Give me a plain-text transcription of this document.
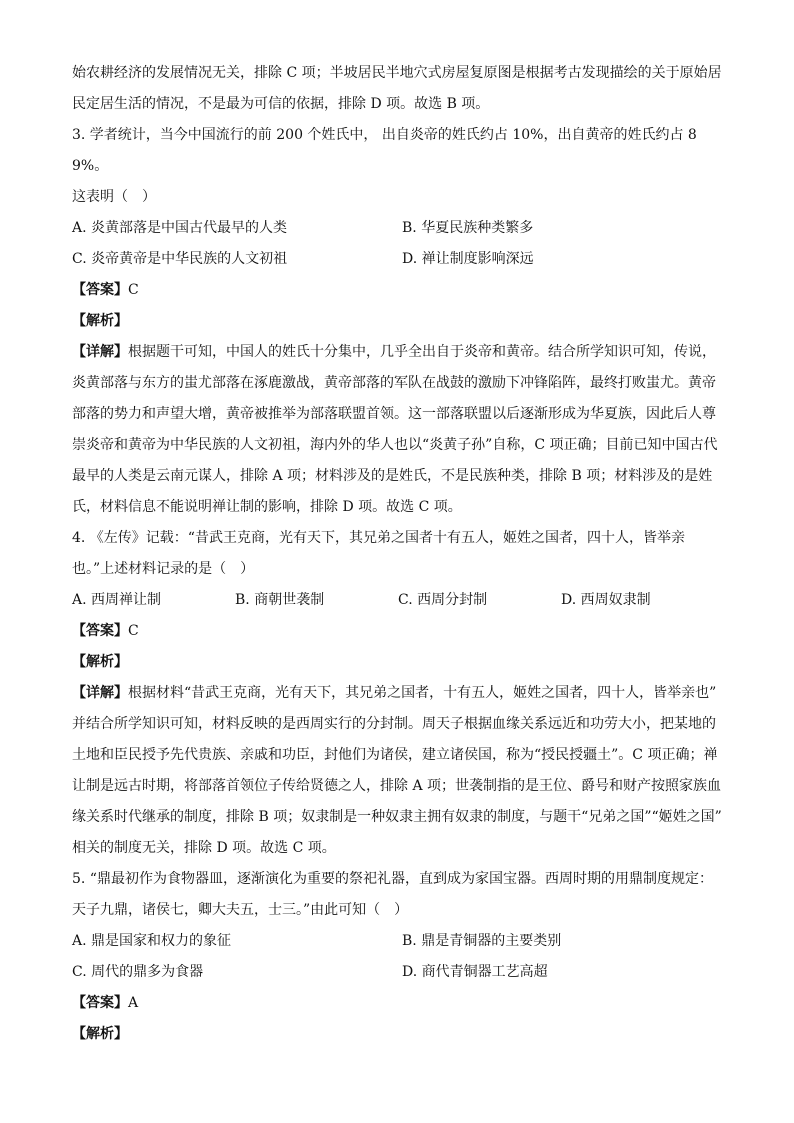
始农耕经济的发展情况无关，排除 C 项；半坡居民半地穴式房屋复原图是根据考古发现描绘的关于原始居

民定居生活的情况，不是最为可信的依据，排除 D 项。故选 B 项。

3. 学者统计，当今中国流行的前 200 个姓氏中， 出自炎帝的姓氏约占 10%，出自黄帝的姓氏约占 89%。

这表明（　）

A. 炎黄部落是中国古代最早的人类	B. 华夏民族种类繁多
C. 炎帝黄帝是中华民族的人文初祖	D. 禅让制度影响深远

【答案】C

【解析】

【详解】根据题干可知，中国人的姓氏十分集中，几乎全出自于炎帝和黄帝。结合所学知识可知，传说，

炎黄部落与东方的蚩尤部落在涿鹿激战，黄帝部落的军队在战鼓的激励下冲锋陷阵，最终打败蚩尤。黄帝

部落的势力和声望大增，黄帝被推举为部落联盟首领。这一部落联盟以后逐渐形成为华夏族，因此后人尊

崇炎帝和黄帝为中华民族的人文初祖，海内外的华人也以“炎黄子孙”自称，C 项正确；目前已知中国古代

最早的人类是云南元谋人，排除 A 项；材料涉及的是姓氏，不是民族种类，排除 B 项；材料涉及的是姓

氏，材料信息不能说明禅让制的影响，排除 D 项。故选 C 项。

4. 《左传》记载：“昔武王克商，光有天下，其兄弟之国者十有五人，姬姓之国者，四十人，皆举亲

也。”上述材料记录的是（　）

A. 西周禅让制	B. 商朝世袭制	C. 西周分封制	D. 西周奴隶制

【答案】C

【解析】

【详解】根据材料“昔武王克商，光有天下，其兄弟之国者，十有五人，姬姓之国者，四十人，皆举亲也”

并结合所学知识可知，材料反映的是西周实行的分封制。周天子根据血缘关系远近和功劳大小，把某地的

土地和臣民授予先代贵族、亲戚和功臣，封他们为诸侯，建立诸侯国，称为“授民授疆土”。C 项正确；禅

让制是远古时期，将部落首领位子传给贤德之人，排除 A 项；世袭制指的是王位、爵号和财产按照家族血

缘关系时代继承的制度，排除 B 项；奴隶制是一种奴隶主拥有奴隶的制度，与题干“兄弟之国”“姬姓之国”

相关的制度无关，排除 D 项。故选 C 项。

5. “鼎最初作为食物器皿，逐渐演化为重要的祭祀礼器，直到成为家国宝器。西周时期的用鼎制度规定：

天子九鼎，诸侯七，卿大夫五，士三。”由此可知（　）

A. 鼎是国家和权力的象征	B. 鼎是青铜器的主要类别
C. 周代的鼎多为食器	D. 商代青铜器工艺高超

【答案】A

【解析】
